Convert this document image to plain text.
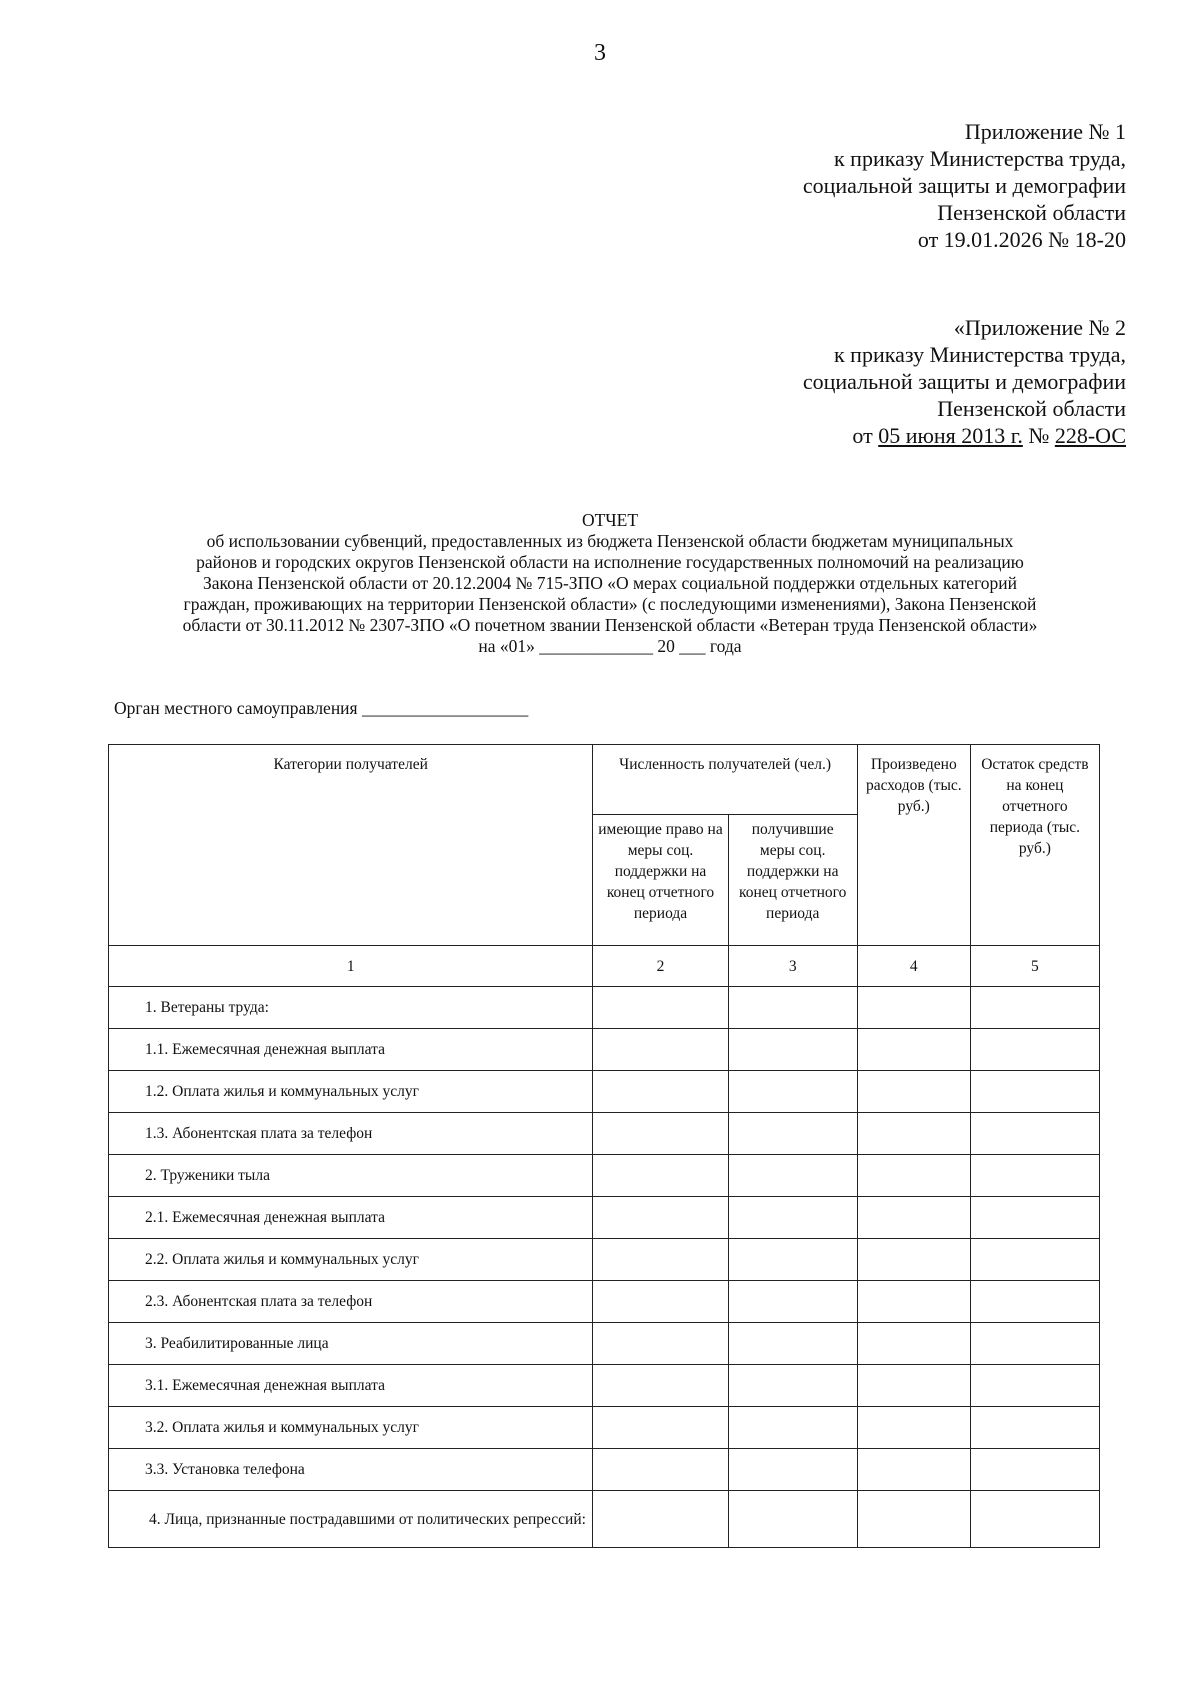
3
Приложение № 1
к приказу Министерства труда,
социальной защиты и демографии
Пензенской области
от 19.01.2026 № 18-20
«Приложение № 2
к приказу Министерства труда,
социальной защиты и демографии
Пензенской области
от 05 июня 2013 г. № 228-ОС
ОТЧЕТ
об использовании субвенций, предоставленных из бюджета Пензенской области бюджетам муниципальных
районов и городских округов Пензенской области на исполнение государственных полномочий на реализацию
Закона Пензенской области от 20.12.2004 № 715-ЗПО «О мерах социальной поддержки отдельных категорий
граждан, проживающих на территории Пензенской области» (с последующими изменениями), Закона Пензенской
области от 30.11.2012 № 2307-ЗПО «О почетном звании Пензенской области «Ветеран труда Пензенской области»
на «01» _____________ 20 ___ года
Орган местного самоуправления ___________________
Категории получателей	Численность получателей (чел.)		Произведено расходов (тыс. руб.)	Остаток средств на конец отчетного периода (тыс. руб.)
	имеющие право на меры соц. поддержки на конец отчетного периода	получившие меры соц. поддержки на конец отчетного периода		
1	2	3	4	5
1. Ветераны труда:				
1.1. Ежемесячная денежная выплата				
1.2. Оплата жилья и коммунальных услуг				
1.3. Абонентская плата за телефон				
2. Труженики тыла				
2.1. Ежемесячная денежная выплата				
2.2. Оплата жилья и коммунальных услуг				
2.3. Абонентская плата за телефон				
3. Реабилитированные лица				
3.1. Ежемесячная денежная выплата				
3.2. Оплата жилья и коммунальных услуг				
3.3. Установка телефона				
4. Лица, признанные пострадавшими от политических репрессий:				
